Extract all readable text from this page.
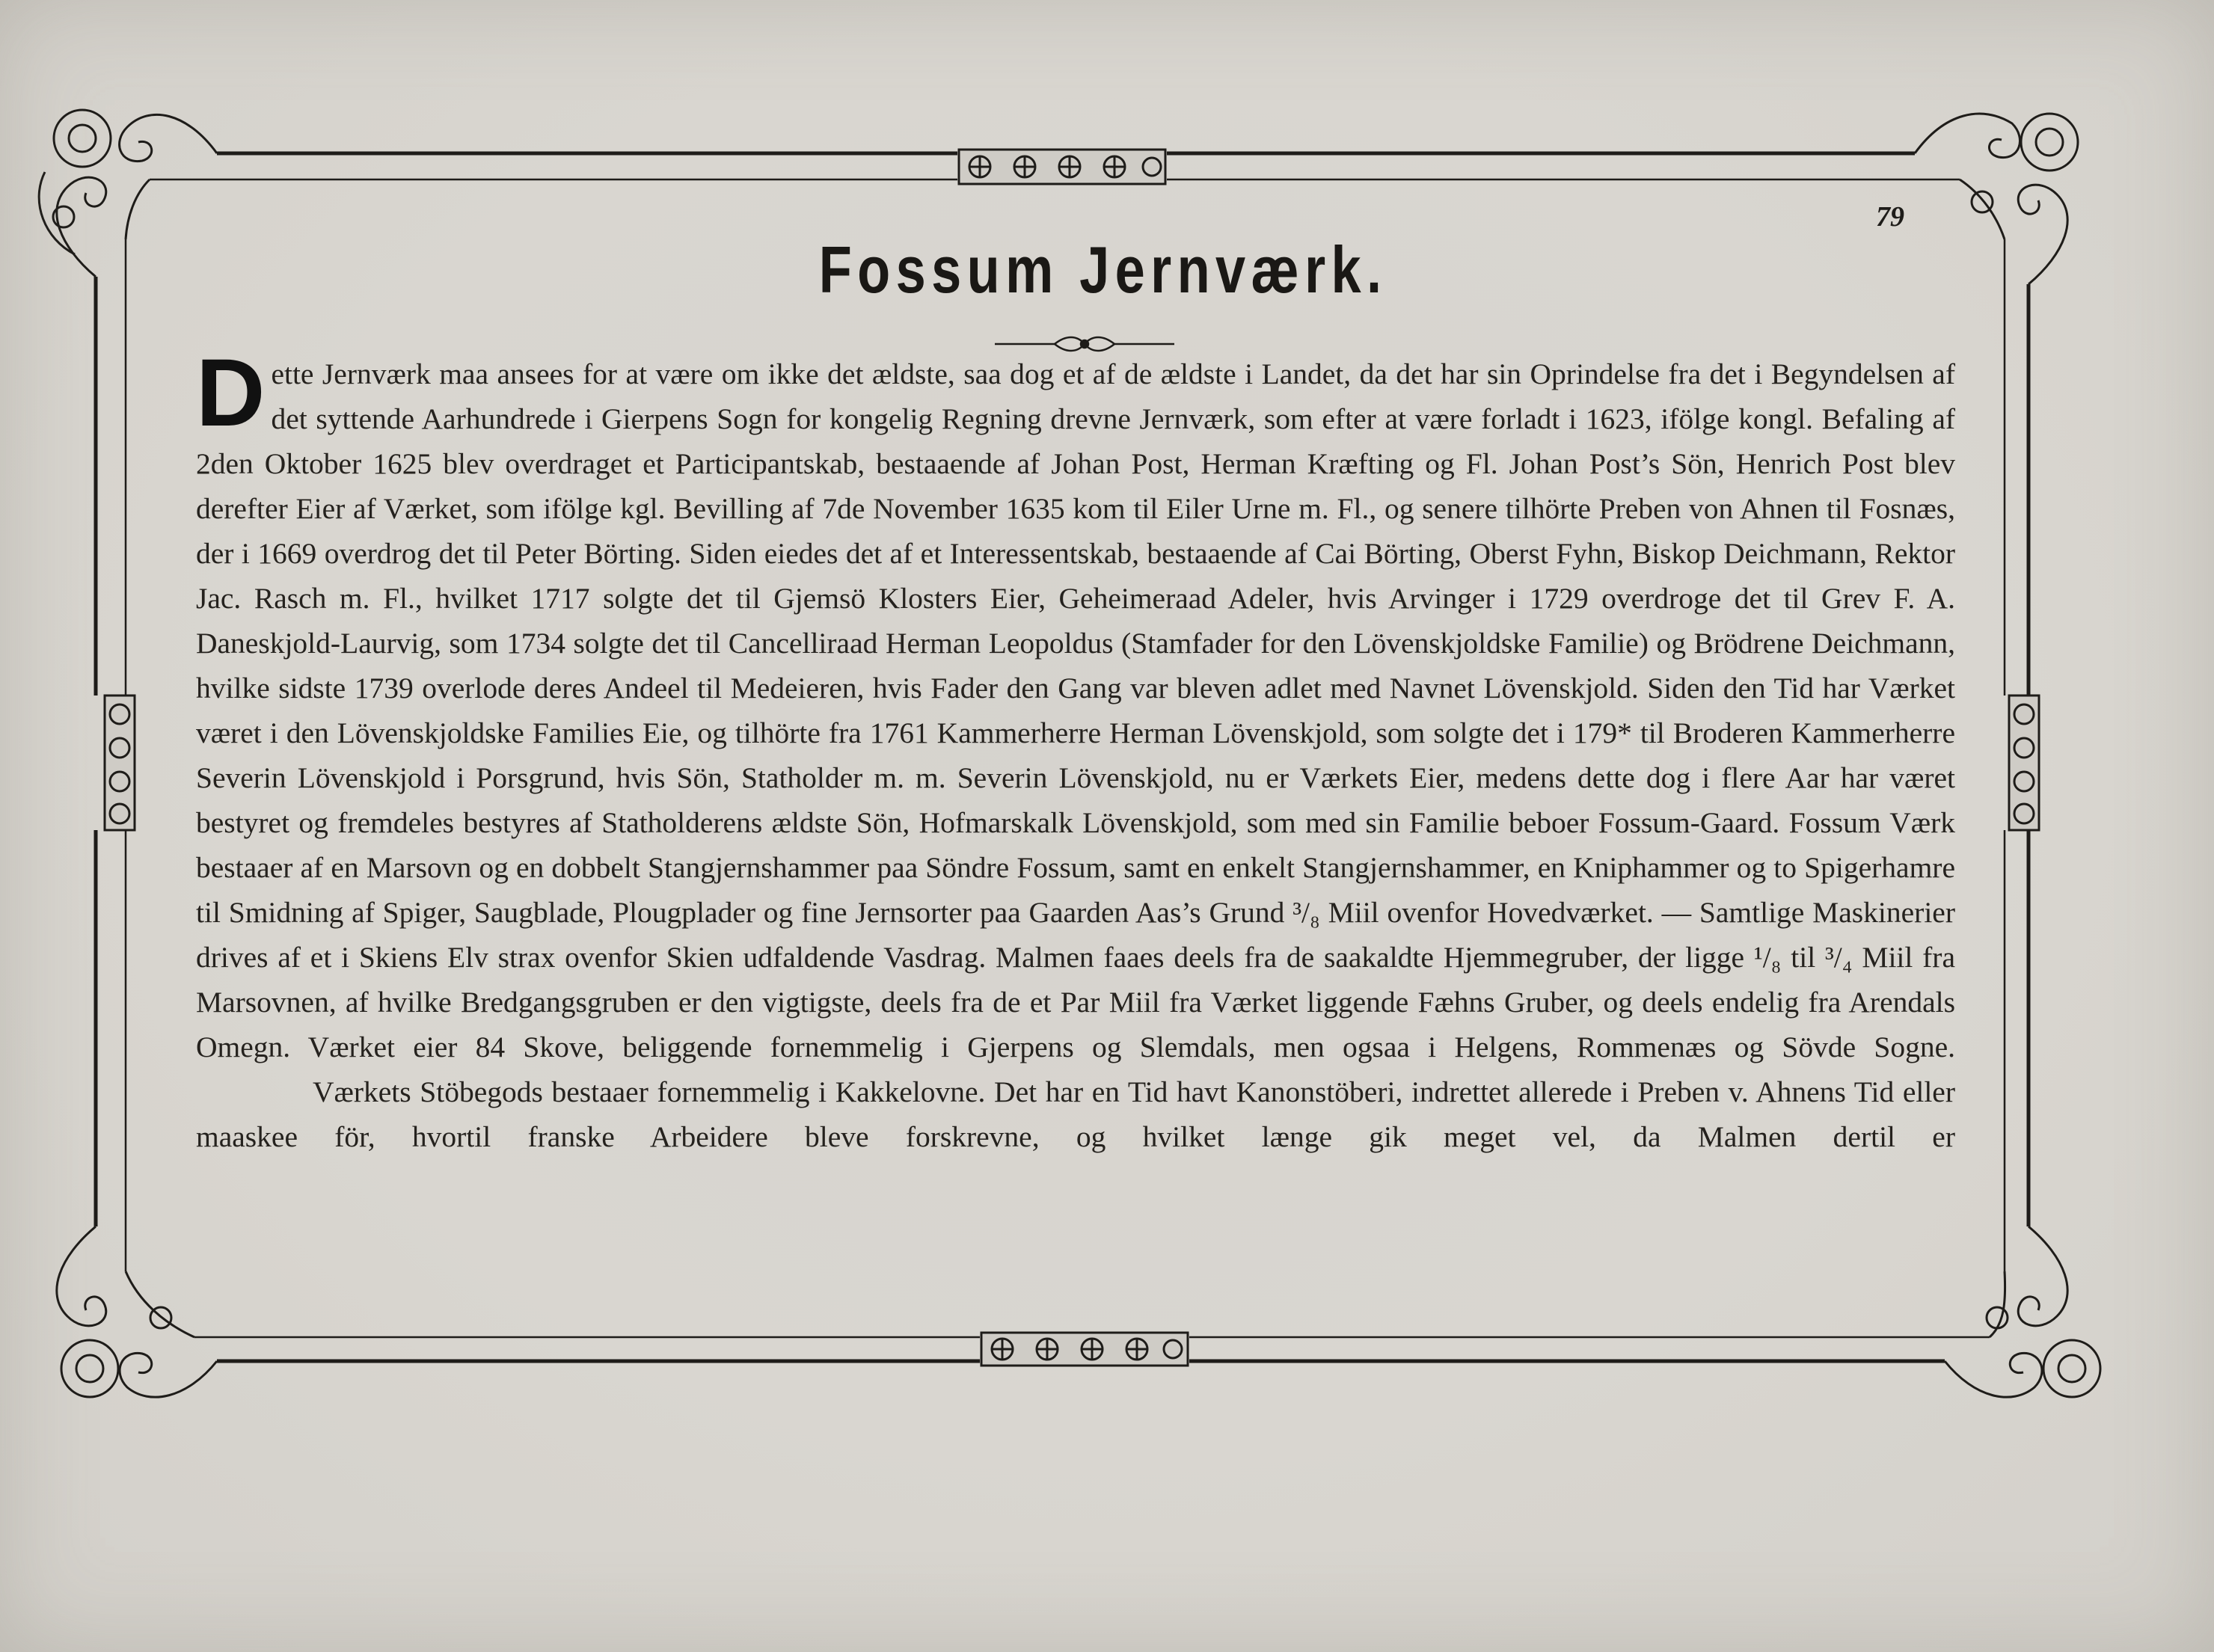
79
Fossum Jernværk.

Dette Jernværk maa ansees for at være om ikke det ældste, saa dog et af de ældste i Landet, da det har sin Oprindelse fra det i Begyndelsen af det syttende Aarhundrede i Gierpens Sogn for kongelig Regning drevne Jernværk, som efter at være forladt i 1623, ifölge kongl. Befaling af 2den Oktober 1625 blev overdraget et Participantskab, bestaaende af Johan Post, Herman Kræfting og Fl. Johan Post’s Sön, Henrich Post blev derefter Eier af Værket, som ifölge kgl. Bevilling af 7de November 1635 kom til Eiler Urne m. Fl., og senere tilhörte Preben von Ahnen til Fosnæs, der i 1669 overdrog det til Peter Börting. Siden eiedes det af et Interessentskab, bestaaende af Cai Börting, Oberst Fyhn, Biskop Deichmann, Rektor Jac. Rasch m. Fl., hvilket 1717 solgte det til Gjemsö Klosters Eier, Geheimeraad Adeler, hvis Arvinger i 1729 overdroge det til Grev F. A. Daneskjold-Laurvig, som 1734 solgte det til Cancelliraad Herman Leopoldus (Stamfader for den Lövenskjoldske Familie) og Brödrene Deichmann, hvilke sidste 1739 overlode deres Andeel til Medeieren, hvis Fader den Gang var bleven adlet med Navnet Lövenskjold. Siden den Tid har Værket været i den Lövenskjoldske Families Eie, og tilhörte fra 1761 Kammerherre Herman Lövenskjold, som solgte det i 179* til Broderen Kammerherre Severin Lövenskjold i Porsgrund, hvis Sön, Statholder m. m. Severin Lövenskjold, nu er Værkets Eier, medens dette dog i flere Aar har været bestyret og fremdeles bestyres af Statholderens ældste Sön, Hofmarskalk Lövenskjold, som med sin Familie beboer Fossum-Gaard. Fossum Værk bestaaer af en Marsovn og en dobbelt Stangjernshammer paa Söndre Fossum, samt en enkelt Stangjernshammer, en Kniphammer og to Spigerhamre til Smidning af Spiger, Saugblade, Plougplader og fine Jernsorter paa Gaarden Aas’s Grund ³/₈ Miil ovenfor Hovedværket. — Samtlige Maskinerier drives af et i Skiens Elv strax ovenfor Skien udfaldende Vasdrag. Malmen faaes deels fra de saakaldte Hjemmegruber, der ligge ¹/₈ til ³/₄ Miil fra Marsovnen, af hvilke Bredgangsgruben er den vigtigste, deels fra de et Par Miil fra Værket liggende Fæhns Gruber, og deels endelig fra Arendals Omegn. Værket eier 84 Skove, beliggende fornemmelig i Gjerpens og Slemdals, men ogsaa i Helgens, Rommenæs og Sövde Sogne.

Værkets Stöbegods bestaaer fornemmelig i Kakkelovne. Det har en Tid havt Kanonstöberi, indrettet allerede i Preben v. Ahnens Tid eller maaskee för, hvortil franske Arbeidere bleve forskrevne, og hvilket længe gik meget vel, da Malmen dertil er
